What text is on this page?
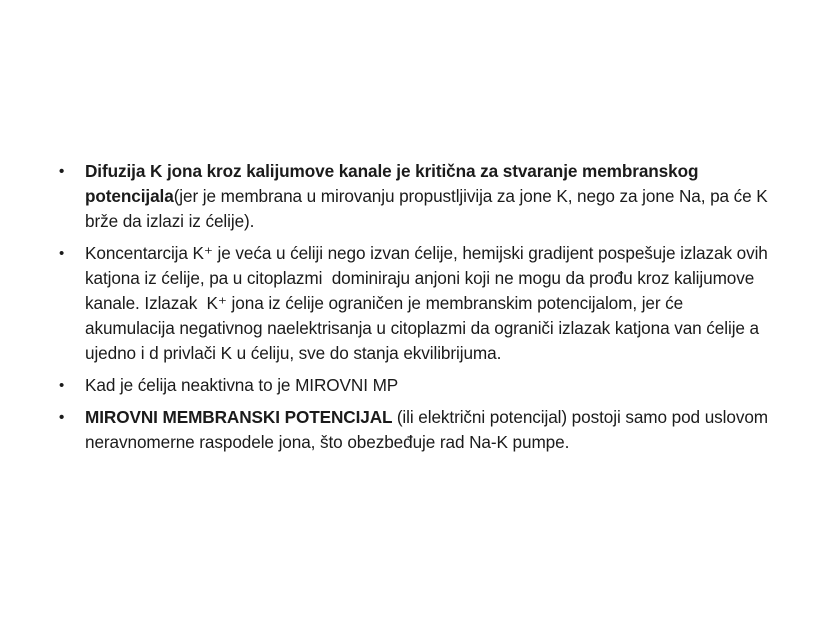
•	Difuzija K jona kroz kalijumove kanale je kritična za stvaranje membranskog potencijala(jer je membrana u mirovanju propustljivija za jone K, nego za jone Na, pa će K brže da izlazi iz ćelije).
•	Koncentarcija K⁺ je veća u ćeliji nego izvan ćelije, hemijski gradijent pospešuje izlazak ovih katjona iz ćelije, pa u citoplazmi  dominiraju anjoni koji ne mogu da prođu kroz kalijumove kanale. Izlazak  K⁺ jona iz ćelije ograničen je membranskim potencijalom, jer će akumulacija negativnog naelektrisanja u citoplazmi da ograniči izlazak katjona van ćelije a ujedno i d privlači K u ćeliju, sve do stanja ekvilibrijuma.
•	Kad je ćelija neaktivna to je MIROVNI MP
•	MIROVNI MEMBRANSKI POTENCIJAL (ili električni potencijal) postoji samo pod uslovom neravnomerne raspodele jona, što obezbeđuje rad Na-K pumpe.
